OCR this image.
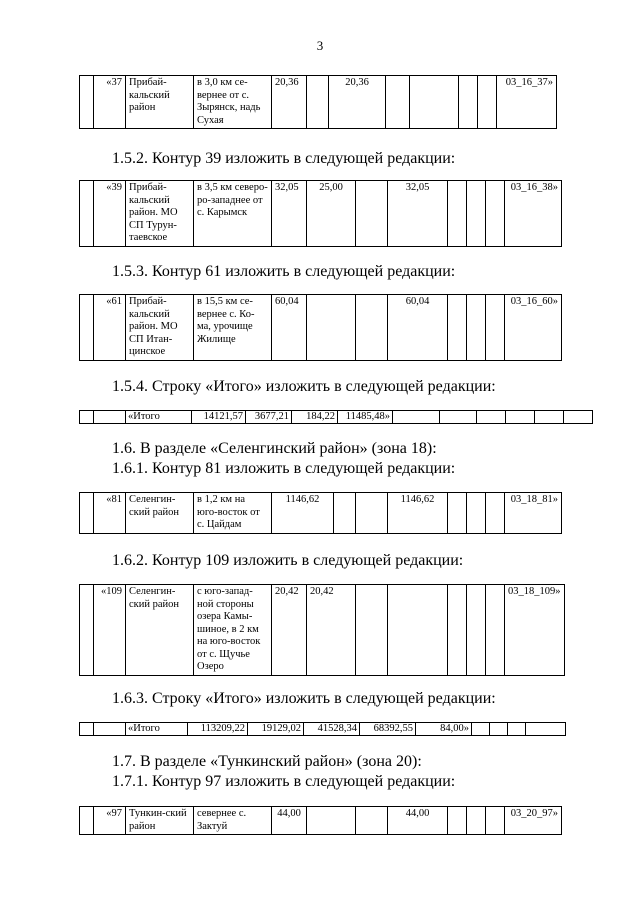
3
	«37	Прибай-кальский район	в 3,0 км се-вернее от с. Зырянск, надь Сухая	20,36		20,36					03_16_37»
1.5.2. Контур 39 изложить в следующей редакции:
	«39	Прибай-кальский район. МО СП Турун-таевское	в 3,5 км северо-ро-западнее от с. Карымск	32,05	25,00		32,05				03_16_38»
1.5.3. Контур 61 изложить в следующей редакции:
	«61	Прибай-кальский район. МО СП Итан-цинское	в 15,5 км се-вернее с. Ко-ма, урочище Жилище	60,04			60,04				03_16_60»
1.5.4. Строку «Итого» изложить в следующей редакции:
		«Итого	14121,57	3677,21	184,22	11485,48»						
1.6. В разделе «Селенгинский район» (зона 18):
1.6.1. Контур 81 изложить в следующей редакции:
	«81	Селенгин-ский район	в 1,2 км на юго-восток от с. Цайдам	1146,62			1146,62				03_18_81»
1.6.2. Контур 109 изложить в следующей редакции:
	«109	Селенгин-ский район	с юго-запад-ной стороны озера Камы-шиное, в 2 км на юго-восток от с. Щучье Озеро	20,42	20,42						03_18_109»
1.6.3. Строку «Итого» изложить в следующей редакции:
		«Итого	113209,22	19129,02	41528,34	68392,55	84,00»				
1.7. В разделе «Тункинский район» (зона 20):
1.7.1. Контур 97 изложить в следующей редакции:
	«97	Тункин-ский район	севернее с. Зактуй	44,00			44,00				03_20_97»
